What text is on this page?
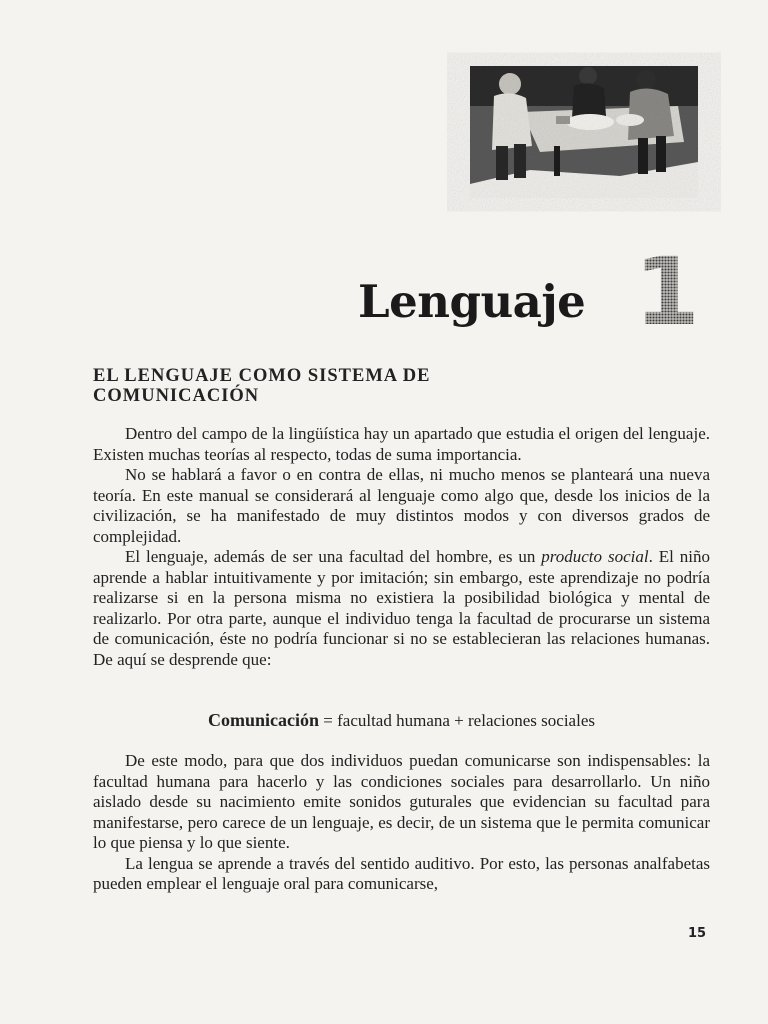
Lenguaje 1
EL LENGUAJE COMO SISTEMA DE
COMUNICACIÓN

Dentro del campo de la lingüística hay un apartado que estudia el origen del lenguaje. Existen muchas teorías al respecto, todas de suma importancia.

No se hablará a favor o en contra de ellas, ni mucho menos se planteará una nueva teoría. En este manual se considerará al lenguaje como algo que, desde los inicios de la civilización, se ha manifestado de muy distintos modos y con diversos grados de complejidad.

El lenguaje, además de ser una facultad del hombre, es un producto social. El niño aprende a hablar intuitivamente y por imitación; sin embargo, este aprendizaje no podría realizarse si en la persona misma no existiera la posibilidad biológica y mental de realizarlo. Por otra parte, aunque el individuo tenga la facultad de procurarse un sistema de comunicación, éste no podría funcionar si no se establecieran las relaciones humanas. De aquí se desprende que:

Comunicación = facultad humana + relaciones sociales

De este modo, para que dos individuos puedan comunicarse son indispensables: la facultad humana para hacerlo y las condiciones sociales para desarrollarlo. Un niño aislado desde su nacimiento emite sonidos guturales que evidencian su facultad para manifestarse, pero carece de un lenguaje, es decir, de un sistema que le permita comunicar lo que piensa y lo que siente.

La lengua se aprende a través del sentido auditivo. Por esto, las personas analfabetas pueden emplear el lenguaje oral para comunicarse,

15
